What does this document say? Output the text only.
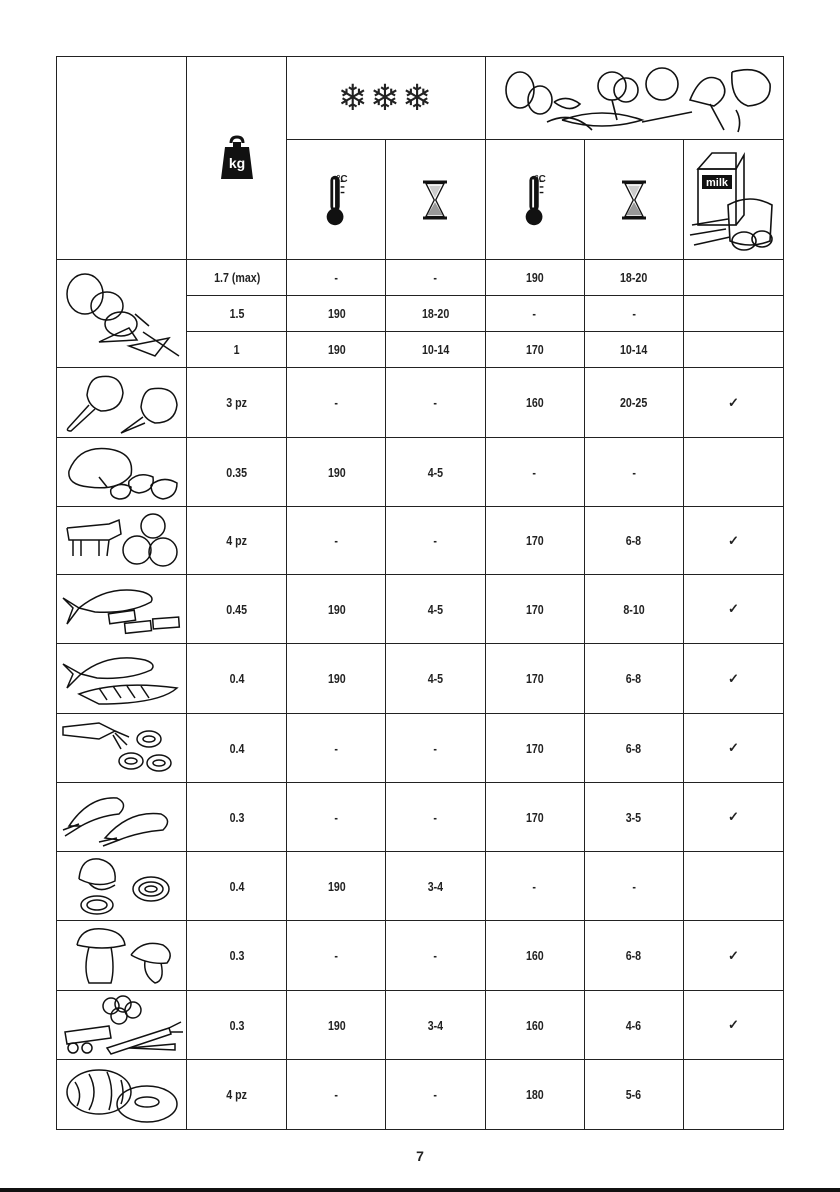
kg	❄❄❄	

		°C		°C		milk

	1.7 (max)	-	-	190	18-20	
	1.5	190	18-20	-	-	
	1	190	10-14	170	10-14	

	3 pz	-	-	160	20-25	✓

	0.35	190	4-5	-	-	

	4 pz	-	-	170	6-8	✓

	0.45	190	4-5	170	8-10	✓

	0.4	190	4-5	170	6-8	✓

	0.4	-	-	170	6-8	✓

	0.3	-	-	170	3-5	✓

	0.4	190	3-4	-	-	

	0.3	-	-	160	6-8	✓

	0.3	190	3-4	160	4-6	✓

	4 pz	-	-	180	5-6	
7
